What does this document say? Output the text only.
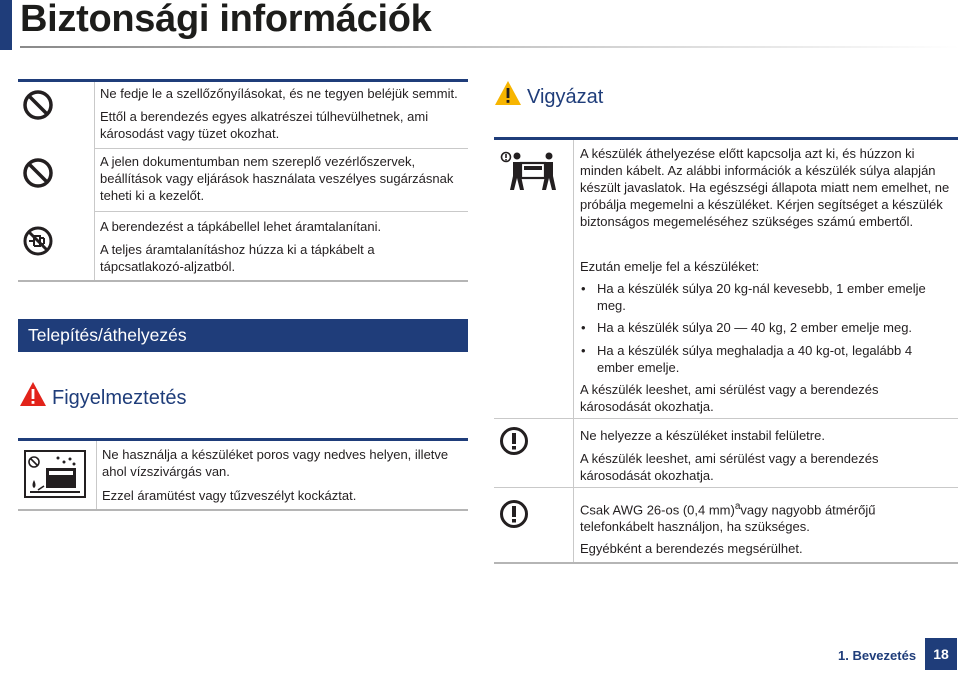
Biztonsági információk
Ne fedje le a szellőzőnyílásokat, és ne tegyen beléjük semmit.
Ettől a berendezés egyes alkatrészei túlhevülhetnek, ami károsodást vagy tüzet okozhat.
A jelen dokumentumban nem szereplő vezérlőszervek, beállítások vagy eljárások használata veszélyes sugárzásnak teheti ki a kezelőt.
A berendezést a tápkábellel lehet áramtalanítani.
A teljes áramtalanításhoz húzza ki a tápkábelt a tápcsatlakozó-aljzatból.
Telepítés/áthelyezés
Figyelmeztetés
Ne használja a készüléket poros vagy nedves helyen, illetve ahol vízszivárgás van.
Ezzel áramütést vagy tűzveszélyt kockáztat.
Vigyázat
A készülék áthelyezése előtt kapcsolja azt ki, és húzzon ki minden kábelt. Az alábbi információk a készülék súlya alapján készült javaslatok. Ha egészségi állapota miatt nem emelhet, ne próbálja megemelni a készüléket. Kérjen segítséget a készülék biztonságos megemeléséhez szükséges számú embertől.
Ezután emelje fel a készüléket:
• Ha a készülék súlya 20 kg-nál kevesebb, 1 ember emelje meg.
• Ha a készülék súlya 20 — 40 kg, 2 ember emelje meg.
• Ha a készülék súlya meghaladja a 40 kg-ot, legalább 4 ember emelje.
A készülék leeshet, ami sérülést vagy a berendezés károsodását okozhatja.
Ne helyezze a készüléket instabil felületre.
A készülék leeshet, ami sérülést vagy a berendezés károsodását okozhatja.
Csak AWG 26-os (0,4 mm)$^a$vagy nagyobb átmérőjű telefonkábelt használjon, ha szükséges.
Egyébként a berendezés megsérülhet.
1. Bevezetés	18
